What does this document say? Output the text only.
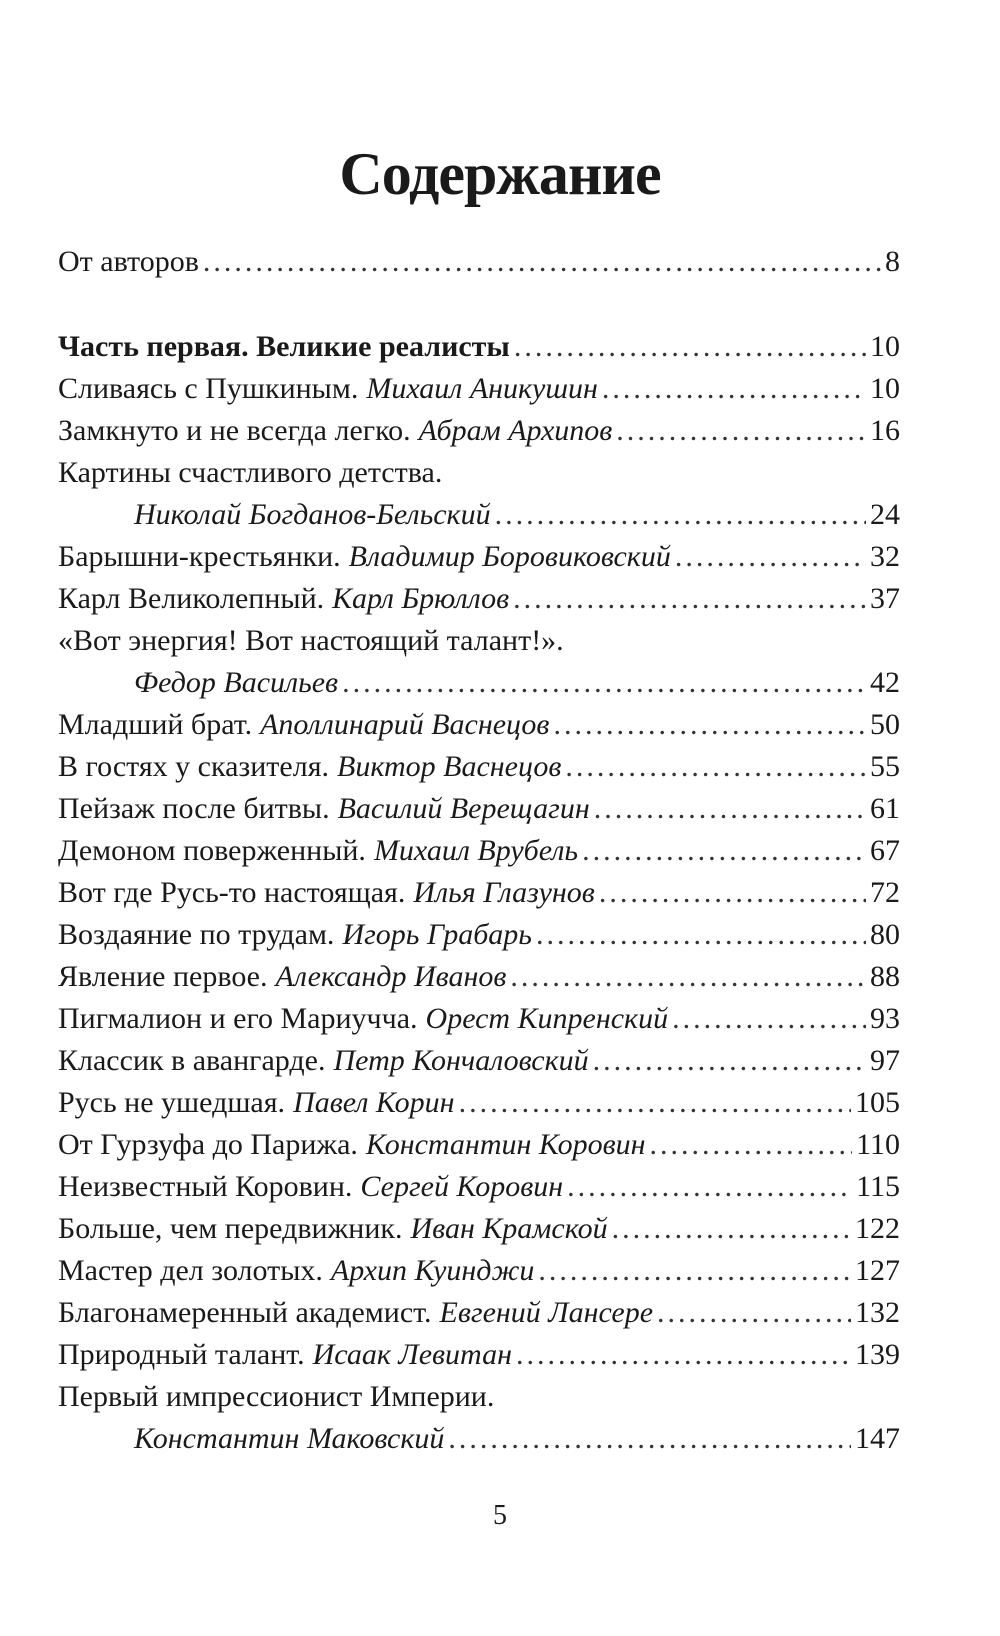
Содержание
От авторов .....	8
Часть первая. Великие реалисты .....	10
Сливаясь с Пушкиным. Михаил Аникушин .....	10
Замкнуто и не всегда легко. Абрам Архипов .....	16
Картины счастливого детства.
Николай Богданов-Бельский .....	24
Барышни-крестьянки. Владимир Боровиковский .....	32
Карл Великолепный. Карл Брюллов .....	37
«Вот энергия! Вот настоящий талант!».
Федор Васильев .....	42
Младший брат. Аполлинарий Васнецов .....	50
В гостях у сказителя. Виктор Васнецов .....	55
Пейзаж после битвы. Василий Верещагин .....	61
Демоном поверженный. Михаил Врубель .....	67
Вот где Русь-то настоящая. Илья Глазунов .....	72
Воздаяние по трудам. Игорь Грабарь .....	80
Явление первое. Александр Иванов .....	88
Пигмалион и его Мариучча. Орест Кипренский .....	93
Классик в авангарде. Петр Кончаловский .....	97
Русь не ушедшая. Павел Корин .....	105
От Гурзуфа до Парижа. Константин Коровин .....	110
Неизвестный Коровин. Сергей Коровин .....	115
Больше, чем передвижник. Иван Крамской .....	122
Мастер дел золотых. Архип Куинджи .....	127
Благонамеренный академист. Евгений Лансере .....	132
Природный талант. Исаак Левитан .....	139
Первый импрессионист Империи.
Константин Маковский .....	147
5
